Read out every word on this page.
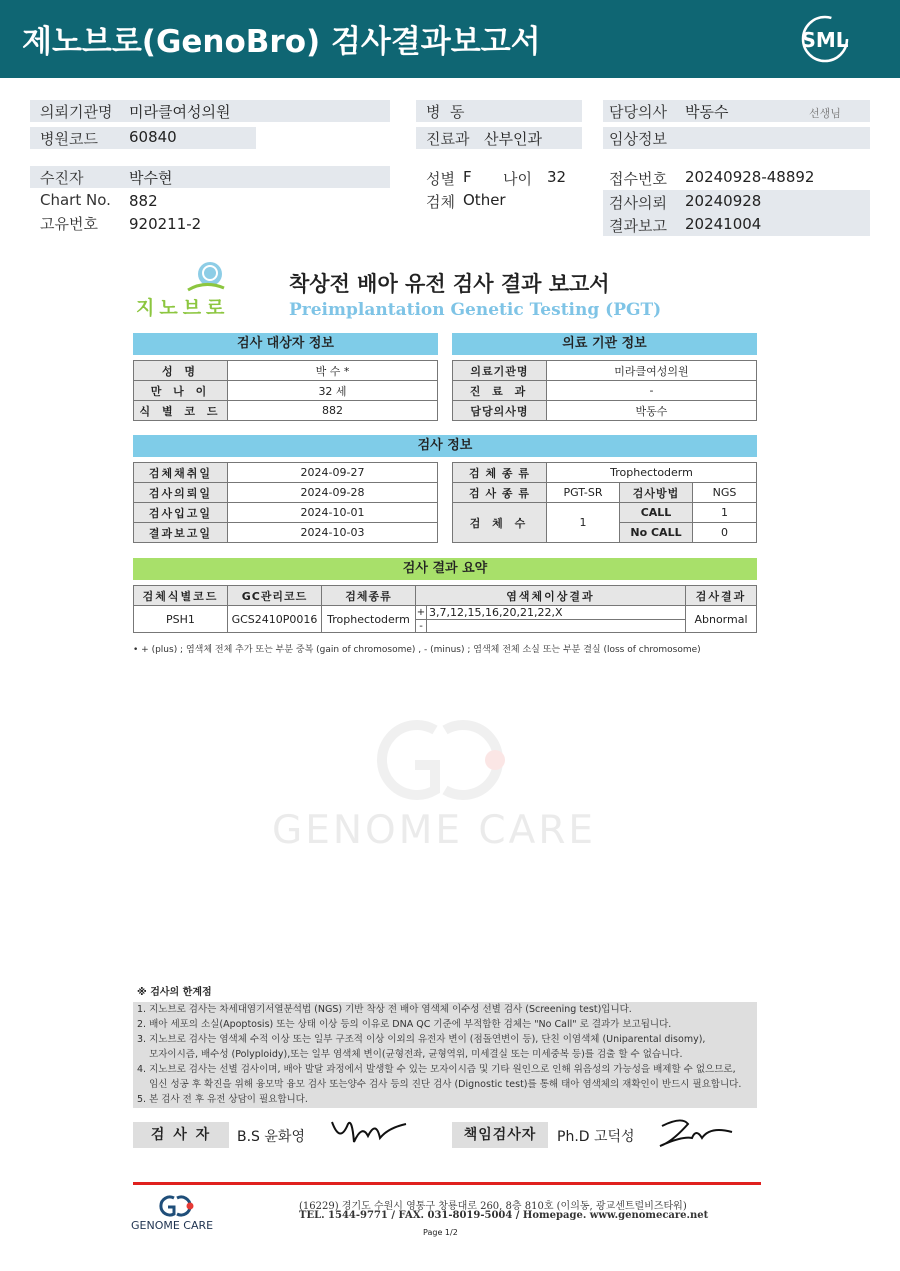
제노브로(GenoBro) 검사결과보고서	SML
의뢰기관명 미라클여성의원
병원코드 60840
수진자	박수현
Chart No. 882
고유번호 920211-2
병  동
진료과 산부인과
성별 F 나이 32
검체 Other
담당의사 박동수	선생님
임상정보
접수번호 20240928-48892
검사의뢰 20240928
결과보고 20241004
지노브로
착상전 배아 유전 검사 결과 보고서
Preimplantation Genetic Testing (PGT)
검사 대상자 정보	의료 기관 정보
성 명	박 수 *
만 나 이	32 세
식 별 코 드	882
의료기관명	미라클여성의원
진 료 과	-
담당의사명	박동수
검사 정보
검체채취일	2024-09-27
검사의뢰일	2024-09-28
검사입고일	2024-10-01
결과보고일	2024-10-03
검 체 종 류	Trophectoderm		
검 사 종 류	PGT-SR	검사방법	NGS
검 체 수	1	CALL	1
		No CALL	0
검사 결과 요약
검체식별코드	GC관리코드	검체종류	염색체이상결과		검사결과
PSH1	GCS2410P0016	Trophectoderm	+	3,7,12,15,16,20,21,22,X	Abnormal
			-		
• + (plus) ; 염색체 전체 추가 또는 부분 중복 (gain of chromosome) , - (minus) ; 염색체 전체 소실 또는 부분 결실 (loss of chromosome)
GENOME CARE
※ 검사의 한계점
1. 지노브로 검사는 차세대염기서열분석법 (NGS) 기반 착상 전 배아 염색체 이수성 선별 검사 (Screening test)입니다.
2. 배아 세포의 소실(Apoptosis) 또는 상태 이상 등의 이유로 DNA QC 기준에 부적합한 검체는 "No Call" 로 결과가 보고됩니다.
3. 지노브로 검사는 염색체 수적 이상 또는 일부 구조적 이상 이외의 유전자 변이 (점돌연변이 등), 단친 이염색체 (Uniparental disomy),
모자이시즘, 배수성 (Polyploidy),또는 일부 염색체 변이(균형전좌, 균형역위, 미세결실 또는 미세중복 등)를 검출 할 수 없습니다.
4. 지노브로 검사는 선별 검사이며, 배아 발달 과정에서 발생할 수 있는 모자이시즘 및 기타 원인으로 인해 위음성의 가능성을 배제할 수 없으므로,
임신 성공 후 확진을 위해 융모막 융모 검사 또는양수 검사 등의 진단 검사 (Dignostic test)를 통해 태아 염색체의 재확인이 반드시 필요합니다.
5. 본 검사 전 후 유전 상담이 필요합니다.
검 사 자	B.S 윤화영	책임검사자	Ph.D 고덕성
GENOME CARE
(16229) 경기도 수원시 영통구 창룡대로 260, 8층 810호 (이의동, 광교센트럴비즈타워)
TEL. 1544-9771 / FAX. 031-8019-5004 / Homepage. www.genomecare.net
Page 1/2
